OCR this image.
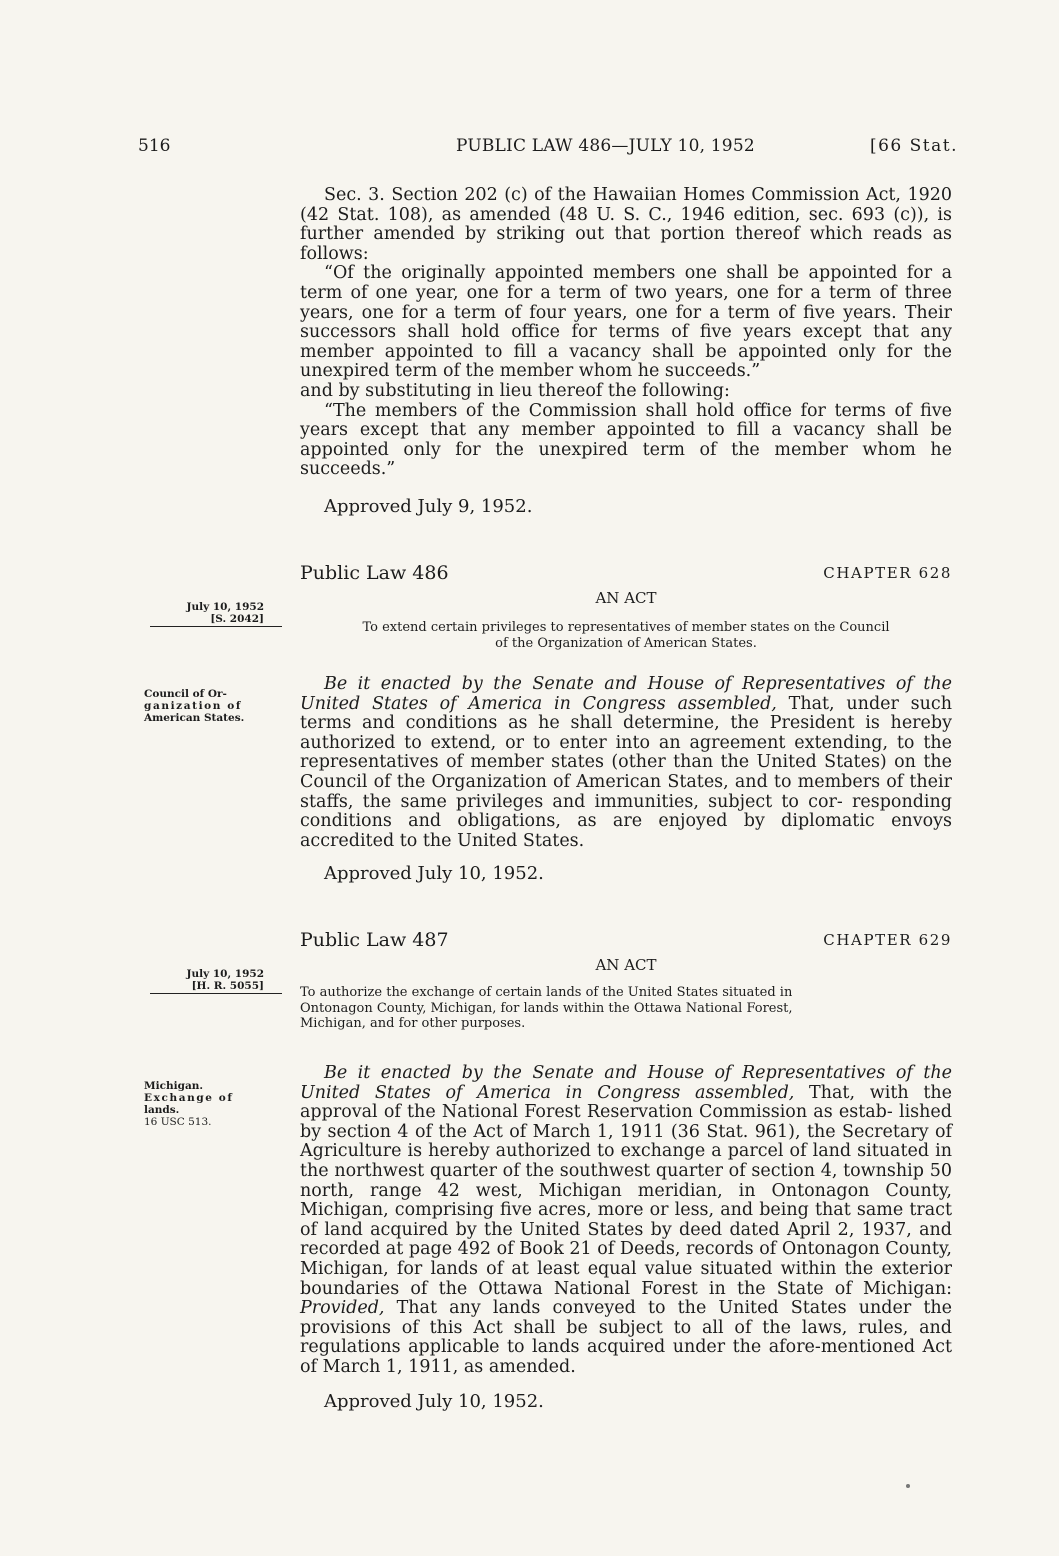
516	PUBLIC LAW 486—JULY 10, 1952	[66 Stat.

Sec. 3. Section 202 (c) of the Hawaiian Homes Commission Act, 1920 (42 Stat. 108), as amended (48 U. S. C., 1946 edition, sec. 693 (c)), is further amended by striking out that portion thereof which reads as follows:

“Of the originally appointed members one shall be appointed for a term of one year, one for a term of two years, one for a term of three years, one for a term of four years, one for a term of five years. Their successors shall hold office for terms of five years except that any member appointed to fill a vacancy shall be appointed only for the unexpired term of the member whom he succeeds.”

and by substituting in lieu thereof the following:

“The members of the Commission shall hold office for terms of five years except that any member appointed to fill a vacancy shall be appointed only for the unexpired term of the member whom he succeeds.”

Approved July 9, 1952.
Public Law 486	CHAPTER 628
AN ACT
July 10, 1952
[S. 2042]
To extend certain privileges to representatives of member states on the Council
of the Organization of American States.
Council of Or-
ganization of
American States.

Be it enacted by the Senate and House of Representatives of the United States of America in Congress assembled, That, under such terms and conditions as he shall determine, the President is hereby authorized to extend, or to enter into an agreement extending, to the representatives of member states (other than the United States) on the Council of the Organization of American States, and to members of their staffs, the same privileges and immunities, subject to cor- responding conditions and obligations, as are enjoyed by diplomatic envoys accredited to the United States.

Approved July 10, 1952.
Public Law 487	CHAPTER 629
AN ACT
July 10, 1952
[H. R. 5055]	To authorize the exchange of certain lands of the United States situated in
Ontonagon County, Michigan, for lands within the Ottawa National Forest,
Michigan, and for other purposes.
Michigan.
Exchange of
lands.
16 USC 513.

Be it enacted by the Senate and House of Representatives of the United States of America in Congress assembled, That, with the approval of the National Forest Reservation Commission as estab- lished by section 4 of the Act of March 1, 1911 (36 Stat. 961), the Secretary of Agriculture is hereby authorized to exchange a parcel of land situated in the northwest quarter of the southwest quarter of section 4, township 50 north, range 42 west, Michigan meridian, in Ontonagon County, Michigan, comprising five acres, more or less, and being that same tract of land acquired by the United States by deed dated April 2, 1937, and recorded at page 492 of Book 21 of Deeds, records of Ontonagon County, Michigan, for lands of at least equal value situated within the exterior boundaries of the Ottawa National Forest in the State of Michigan: Provided, That any lands conveyed to the United States under the provisions of this Act shall be subject to all of the laws, rules, and regulations applicable to lands acquired under the afore-mentioned Act of March 1, 1911, as amended.

Approved July 10, 1952.
